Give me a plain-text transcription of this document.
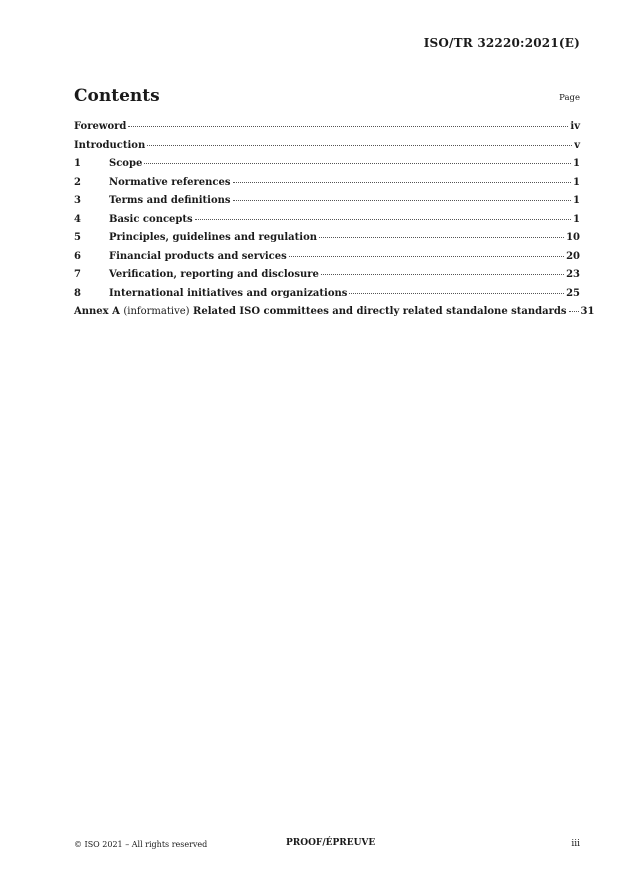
ISO/TR 32220:2021(E)
Contents	Page
Foreword	iv
Introduction	v
1	Scope	1
2	Normative references	1
3	Terms and definitions	1
4	Basic concepts	1
5	Principles, guidelines and regulation	10
6	Financial products and services	20
7	Verification, reporting and disclosure	23
8	International initiatives and organizations	25
Annex A (informative) Related ISO committees and directly related standalone standards 31
© ISO 2021 – All rights reserved	PROOF/ÉPREUVE	iii
